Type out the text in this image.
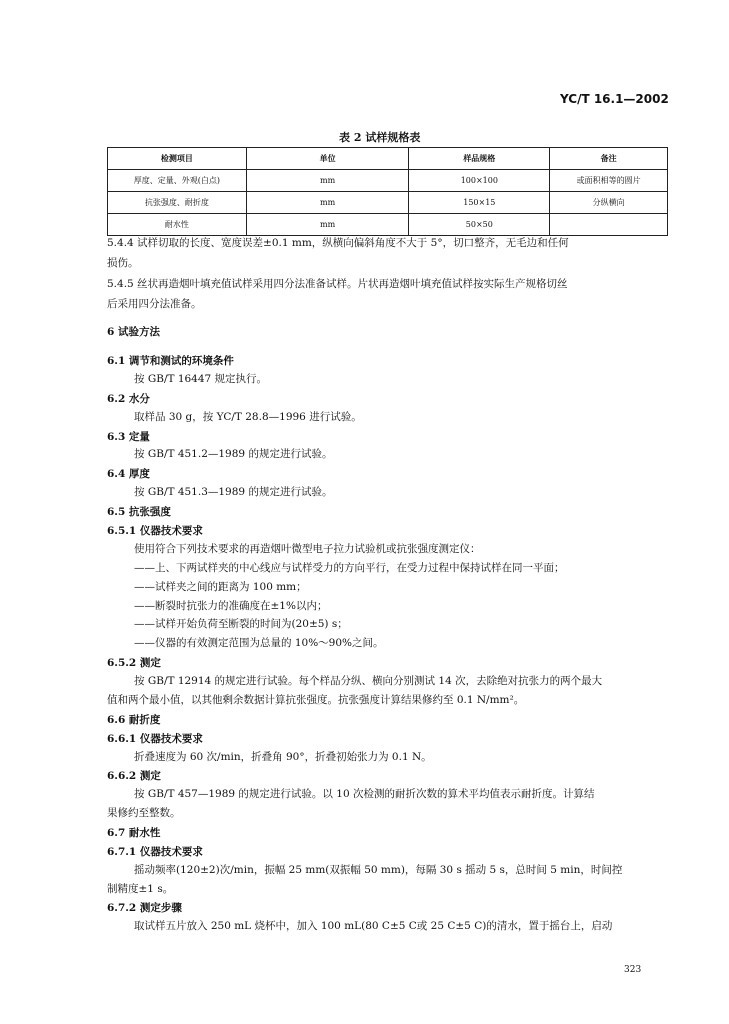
YC/T 16.1—2002
表 2 试样规格表
检测项目	单位	样品规格	备注
厚度、定量、外观(白点)	mm	100×100	或面积相等的圆片
抗张强度、耐折度	mm	150×15	分纵横向
耐水性	mm	50×50	
5.4.4 试样切取的长度、宽度误差±0.1 mm，纵横向偏斜角度不大于 5°，切口整齐，无毛边和任何
损伤。
5.4.5 丝状再造烟叶填充值试样采用四分法准备试样。片状再造烟叶填充值试样按实际生产规格切丝
后采用四分法准备。
6 试验方法
6.1 调节和测试的环境条件
按 GB/T 16447 规定执行。
6.2 水分
取样品 30 g，按 YC/T 28.8—1996 进行试验。
6.3 定量
按 GB/T 451.2—1989 的规定进行试验。
6.4 厚度
按 GB/T 451.3—1989 的规定进行试验。
6.5 抗张强度
6.5.1 仪器技术要求
使用符合下列技术要求的再造烟叶微型电子拉力试验机或抗张强度测定仪：
——上、下两试样夹的中心线应与试样受力的方向平行，在受力过程中保持试样在同一平面；
——试样夹之间的距离为 100 mm；
——断裂时抗张力的准确度在±1%以内；
——试样开始负荷至断裂的时间为(20±5) s；
——仪器的有效测定范围为总量的 10%～90%之间。
6.5.2 测定
按 GB/T 12914 的规定进行试验。每个样品分纵、横向分别测试 14 次，去除绝对抗张力的两个最大
值和两个最小值，以其他剩余数据计算抗张强度。抗张强度计算结果修约至 0.1 N/mm²。
6.6 耐折度
6.6.1 仪器技术要求
折叠速度为 60 次/min，折叠角 90°，折叠初始张力为 0.1 N。
6.6.2 测定
按 GB/T 457—1989 的规定进行试验。以 10 次检测的耐折次数的算术平均值表示耐折度。计算结
果修约至整数。
6.7 耐水性
6.7.1 仪器技术要求
摇动频率(120±2)次/min，振幅 25 mm(双振幅 50 mm)，每隔 30 s 摇动 5 s，总时间 5 min，时间控
制精度±1 s。
6.7.2 测定步骤
取试样五片放入 250 mL 烧杯中，加入 100 mL(80 C±5 C或 25 C±5 C)的清水，置于摇台上，启动
323
